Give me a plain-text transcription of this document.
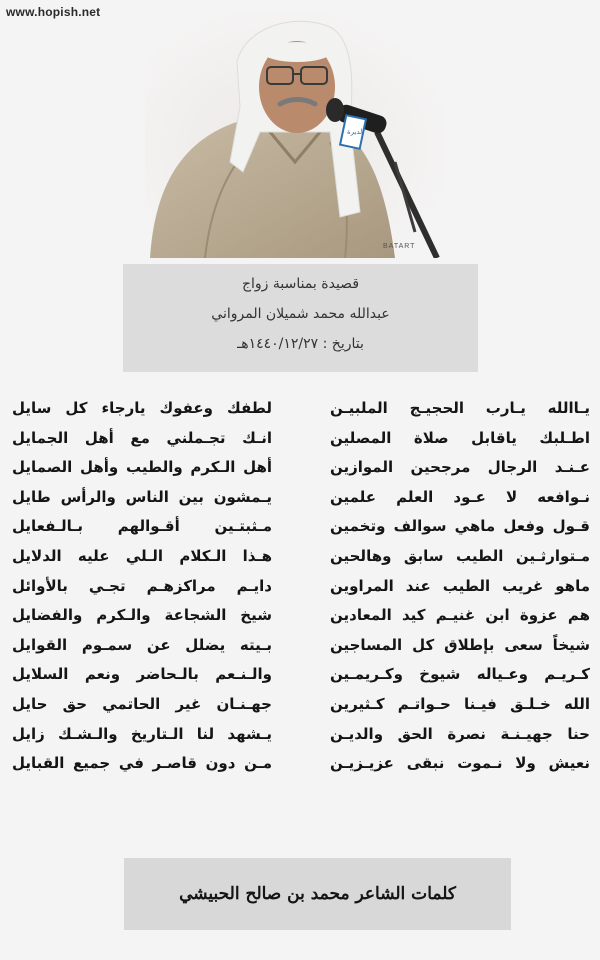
www.hopish.net
الديرة
BATART
قصيدة بمناسبة زواج
عبدالله محمد شميلان المرواني
بتاريخ : ١٤٤٠/١٢/٢٧هـ
يـاالله يـارب الحجيـج الملبيـن
لطفك وعفوك يارجاء كل سايل
اطـلبك ياقابل صلاة المصلين
انـك تجـملني مع أهل الجمايل
عـنـد الرجال مرجحين الموازين
أهل الـكرم والطيب وأهل الصمايل
نـوافعه لا عـود العلم علمين
يـمشون بين الناس والرأس طايل
قـول وفعل ماهي سوالف وتخمين
مـثبتـين أقـوالهم بـالـفعايل
مـتوارثـين الطيب سابق وهالحين
هـذا الـكلام الـلي عليه الدلايل
ماهو غريب الطيب عند المراوين
دايـم مراكزهـم تجـي بالأوائل
هم عزوة ابن غنيـم كيد المعادين
شيخ الشجاعة والـكرم والفضايل
شيخاً سعى بإطلاق كل المساجين
بـيته يضلل عن سمـوم القوايل
كـريـم وعـياله شيوخ وكـريمـين
والـنـعم بالـحاضر ونعم السلايل
الله خـلـق فيـنا حـواتـم كـثيرين
جهـنـان غير الحاتمي حق حايل
حنا جهيـنـة نصرة الحق والديـن
يـشهد لنا الـتاريخ والـشـك زايل
نعيش ولا نـموت نبقى عزيـزيـن
مـن دون قاصـر في جميع القبايل
كلمات الشاعر محمد بن صالح الحبيشي
